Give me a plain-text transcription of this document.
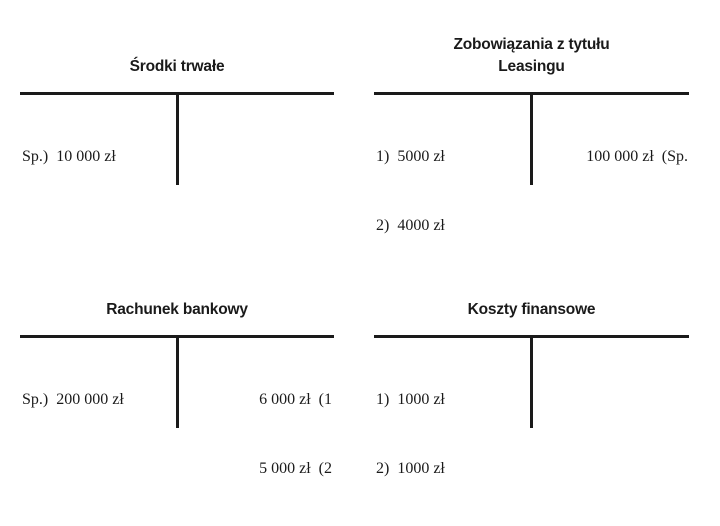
Środki trwałe

Sp.)  10 000 zł

Zobowiązania z tytułu
Leasingu

1)  5000 zł

2)  4000 zł

100 000 zł  (Sp.

Rachunek bankowy

Sp.)  200 000 zł

	6 000 zł  (1

5 000 zł  (2

Koszty finansowe

1)  1000 zł

2)  1000 zł
